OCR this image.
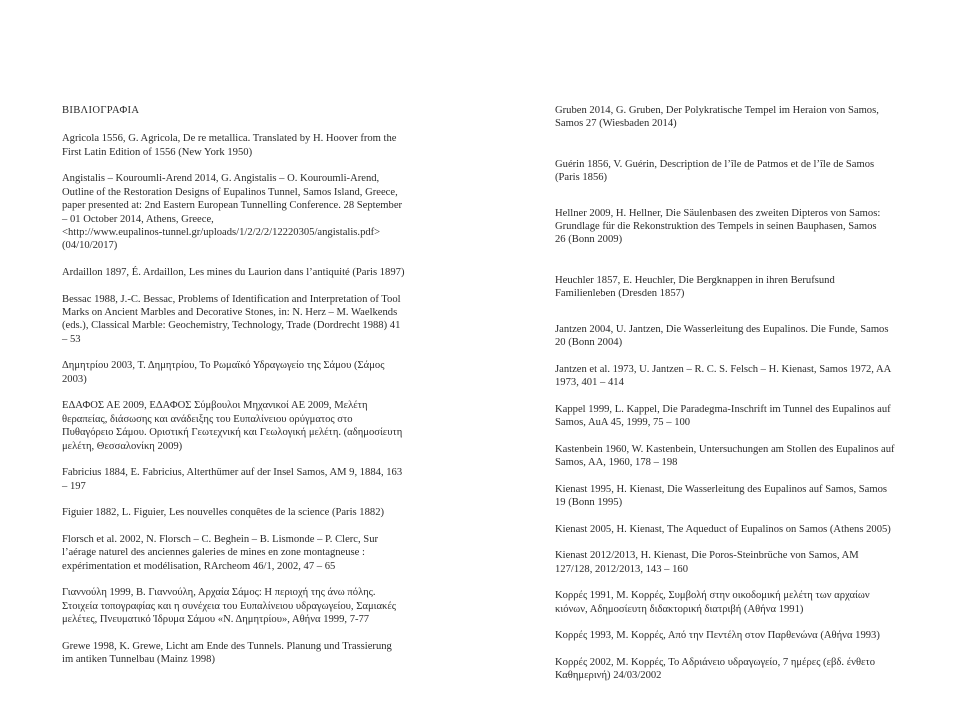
ΒΙΒΛΙΟΓΡΑΦΙΑ

Agricola 1556, G. Agricola, De re metallica. Translated by H. Hoover from the
First Latin Edition of 1556 (New York 1950)

Angistalis – Kouroumli-Arend 2014, G. Angistalis – O. Kouroumli-Arend,
Outline of the Restoration Designs of Eupalinos Tunnel, Samos Island, Greece,
paper presented at: 2nd Eastern European Tunnelling Conference. 28 September
– 01 October 2014, Athens, Greece,
<http://www.eupalinos-tunnel.gr/uploads/1/2/2/2/12220305/angistalis.pdf>
(04/10/2017)

Ardaillon 1897, É. Ardaillon, Les mines du Laurion dans l’antiquité (Paris 1897)

Bessac 1988, J.-C. Bessac, Problems of Identification and Interpretation of Tool
Marks on Ancient Marbles and Decorative Stones, in: N. Herz – M. Waelkends
(eds.), Classical Marble: Geochemistry, Technology, Trade (Dordrecht 1988) 41
– 53

Δημητρίου 2003, Τ. Δημητρίου, Το Ρωμαϊκό Υδραγωγείο της Σάμου (Σάμος
2003)

ΕΔΑΦΟΣ ΑΕ 2009, ΕΔΑΦΟΣ Σύμβουλοι Μηχανικοί ΑΕ 2009, Μελέτη
θεραπείας, διάσωσης και ανάδειξης του Ευπαλίνειου ορύγματος στο
Πυθαγόρειο Σάμου. Οριστική Γεωτεχνική και Γεωλογική μελέτη. (αδημοσίευτη
μελέτη, Θεσσαλονίκη 2009)

Fabricius 1884, E. Fabricius, Alterthümer auf der Insel Samos, AM 9, 1884, 163
– 197

Figuier 1882, L. Figuier, Les nouvelles conquêtes de la science (Paris 1882)

Florsch et al. 2002, N. Florsch – C. Beghein – B. Lismonde – P. Clerc, Sur
l’aérage naturel des anciennes galeries de mines en zone montagneuse :
expérimentation et modélisation, RArcheom 46/1, 2002, 47 – 65

Γιαννούλη 1999, Β. Γιαννούλη, Αρχαία Σάμος: Η περιοχή της άνω πόλης.
Στοιχεία τοπογραφίας και η συνέχεια του Ευπαλίνειου υδραγωγείου, Σαμιακές
μελέτες, Πνευματικό Ίδρυμα Σάμου «Ν. Δημητρίου», Αθήνα 1999, 7-77

Grewe 1998, K. Grewe, Licht am Ende des Tunnels. Planung und Trassierung
im antiken Tunnelbau (Mainz 1998)

Gruben 2014, G. Gruben, Der Polykratische Tempel im Heraion von Samos,
Samos 27 (Wiesbaden 2014)

Guérin 1856, V. Guérin, Description de l’île de Patmos et de l’île de Samos
(Paris 1856)

Hellner 2009, H. Hellner, Die Säulenbasen des zweiten Dipteros von Samos:
Grundlage für die Rekonstruktion des Tempels in seinen Bauphasen, Samos
26 (Bonn 2009)

Heuchler 1857, E. Heuchler, Die Bergknappen in ihren Berufsund
Familienleben (Dresden 1857)

Jantzen 2004, U. Jantzen, Die Wasserleitung des Eupalinos. Die Funde, Samos
20 (Bonn 2004)

Jantzen et al. 1973, U. Jantzen – R. C. S. Felsch – H. Kienast, Samos 1972, AA
1973, 401 – 414

Kappel 1999, L. Kappel, Die Paradegma-Inschrift im Tunnel des Eupalinos auf
Samos, AuA 45, 1999, 75 – 100

Kastenbein 1960, W. Kastenbein, Untersuchungen am Stollen des Eupalinos auf
Samos, AA, 1960, 178 – 198

Kienast 1995, H. Kienast, Die Wasserleitung des Eupalinos auf Samos, Samos
19 (Bonn 1995)

Kienast 2005, H. Kienast, The Aqueduct of Eupalinos on Samos (Athens 2005)

Kienast 2012/2013, H. Kienast, Die Poros-Steinbrüche von Samos, AM
127/128, 2012/2013, 143 – 160

Κορρές 1991, Μ. Κορρές, Συμβολή στην οικοδομική μελέτη των αρχαίων
κιόνων, Αδημοσίευτη διδακτορική διατριβή (Αθήνα 1991)

Κορρές 1993, Μ. Κορρές, Από την Πεντέλη στον Παρθενώνα (Αθήνα 1993)

Κορρές 2002, Μ. Κορρές, Το Αδριάνειο υδραγωγείο, 7 ημέρες (εβδ. ένθετο
Καθημερινή) 24/03/2002
